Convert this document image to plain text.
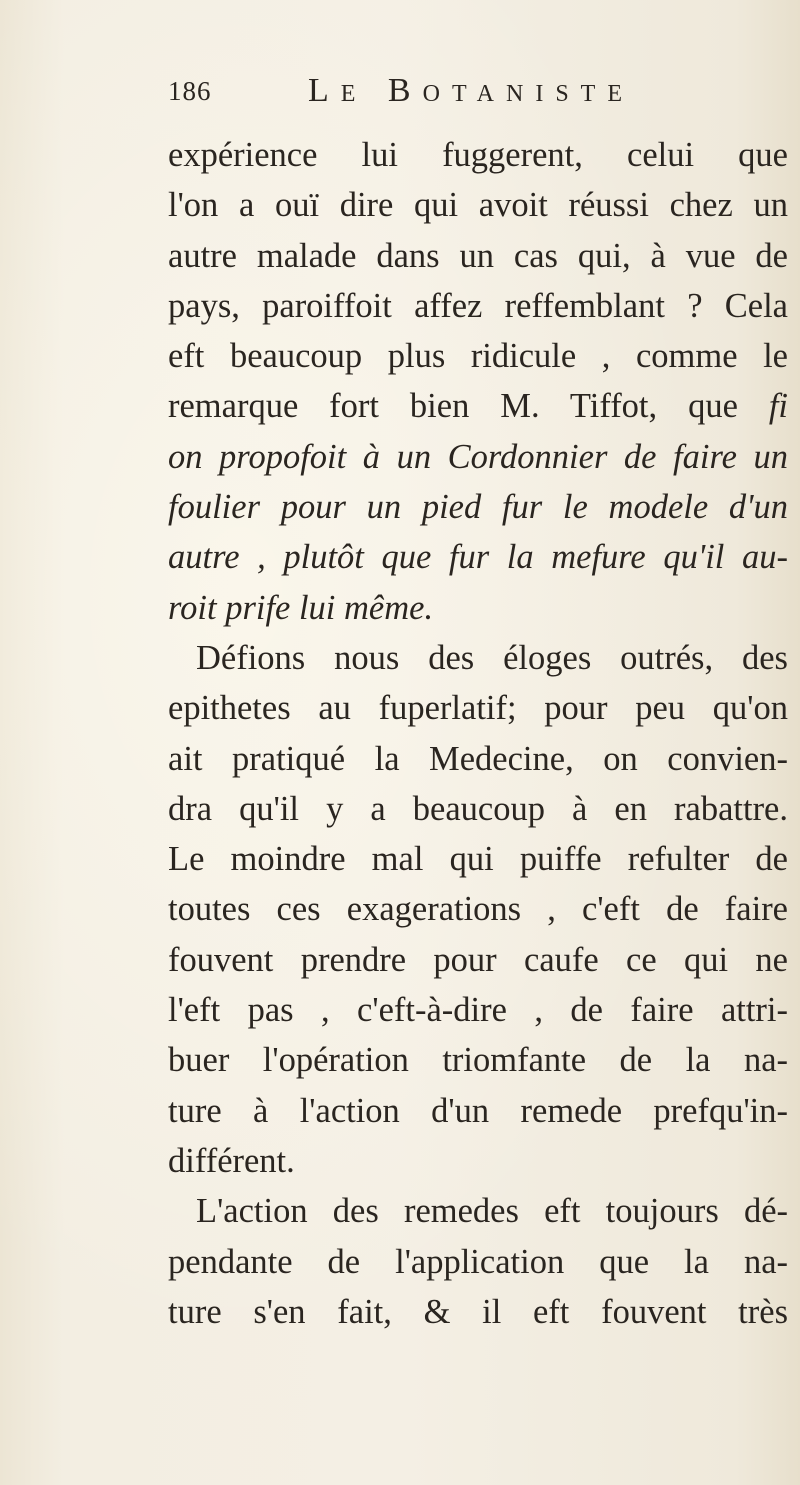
186	Le Botaniste
expérience lui fuggerent, celui que
l'on a ouï dire qui avoit réussi chez un
autre malade dans un cas qui, à vue de
pays, paroiffoit affez reffemblant ? Cela
eft beaucoup plus ridicule , comme le
remarque fort bien M. Tiffot, que fi
on propofoit à un Cordonnier de faire un
foulier pour un pied fur le modele d'un
autre , plutôt que fur la mefure qu'il au-
roit prife lui même.
Défions nous des éloges outrés, des
epithetes au fuperlatif; pour peu qu'on
ait pratiqué la Medecine, on convien-
dra qu'il y a beaucoup à en rabattre.
Le moindre mal qui puiffe refulter de
toutes ces exagerations , c'eft de faire
fouvent prendre pour caufe ce qui ne
l'eft pas , c'eft-à-dire , de faire attri-
buer l'opération triomfante de la na-
ture à l'action d'un remede prefqu'in-
différent.
L'action des remedes eft toujours dé-
pendante de l'application que la na-
ture s'en fait, & il eft fouvent très
